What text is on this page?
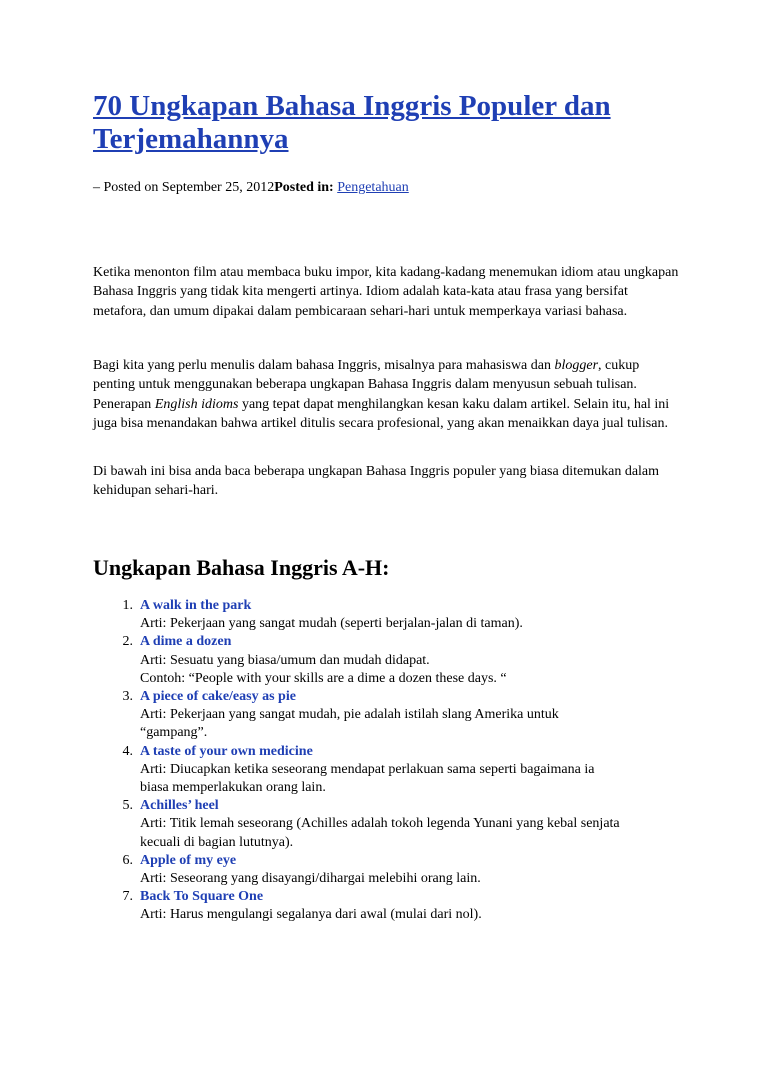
70 Ungkapan Bahasa Inggris Populer dan Terjemahannya
– Posted on September 25, 2012Posted in: Pengetahuan

Ketika menonton film atau membaca buku impor, kita kadang-kadang menemukan idiom atau ungkapan Bahasa Inggris yang tidak kita mengerti artinya. Idiom adalah kata-kata atau frasa yang bersifat metafora, dan umum dipakai dalam pembicaraan sehari-hari untuk memperkaya variasi bahasa.

Bagi kita yang perlu menulis dalam bahasa Inggris, misalnya para mahasiswa dan blogger, cukup penting untuk menggunakan beberapa ungkapan Bahasa Inggris dalam menyusun sebuah tulisan. Penerapan English idioms yang tepat dapat menghilangkan kesan kaku dalam artikel. Selain itu, hal ini juga bisa menandakan bahwa artikel ditulis secara profesional, yang akan menaikkan daya jual tulisan.

Di bawah ini bisa anda baca beberapa ungkapan Bahasa Inggris populer yang biasa ditemukan dalam kehidupan sehari-hari.

Ungkapan Bahasa Inggris A-H:
1. A walk in the park
Arti: Pekerjaan yang sangat mudah (seperti berjalan-jalan di taman).
2. A dime a dozen
Arti: Sesuatu yang biasa/umum dan mudah didapat.
Contoh: “People with your skills are a dime a dozen these days. “
3. A piece of cake/easy as pie
Arti: Pekerjaan yang sangat mudah, pie adalah istilah slang Amerika untuk
“gampang”.
4. A taste of your own medicine
Arti: Diucapkan ketika seseorang mendapat perlakuan sama seperti bagaimana ia
biasa memperlakukan orang lain.
5. Achilles’ heel
Arti: Titik lemah seseorang (Achilles adalah tokoh legenda Yunani yang kebal senjata
kecuali di bagian lututnya).
6. Apple of my eye
Arti: Seseorang yang disayangi/dihargai melebihi orang lain.
7. Back To Square One
Arti: Harus mengulangi segalanya dari awal (mulai dari nol).
